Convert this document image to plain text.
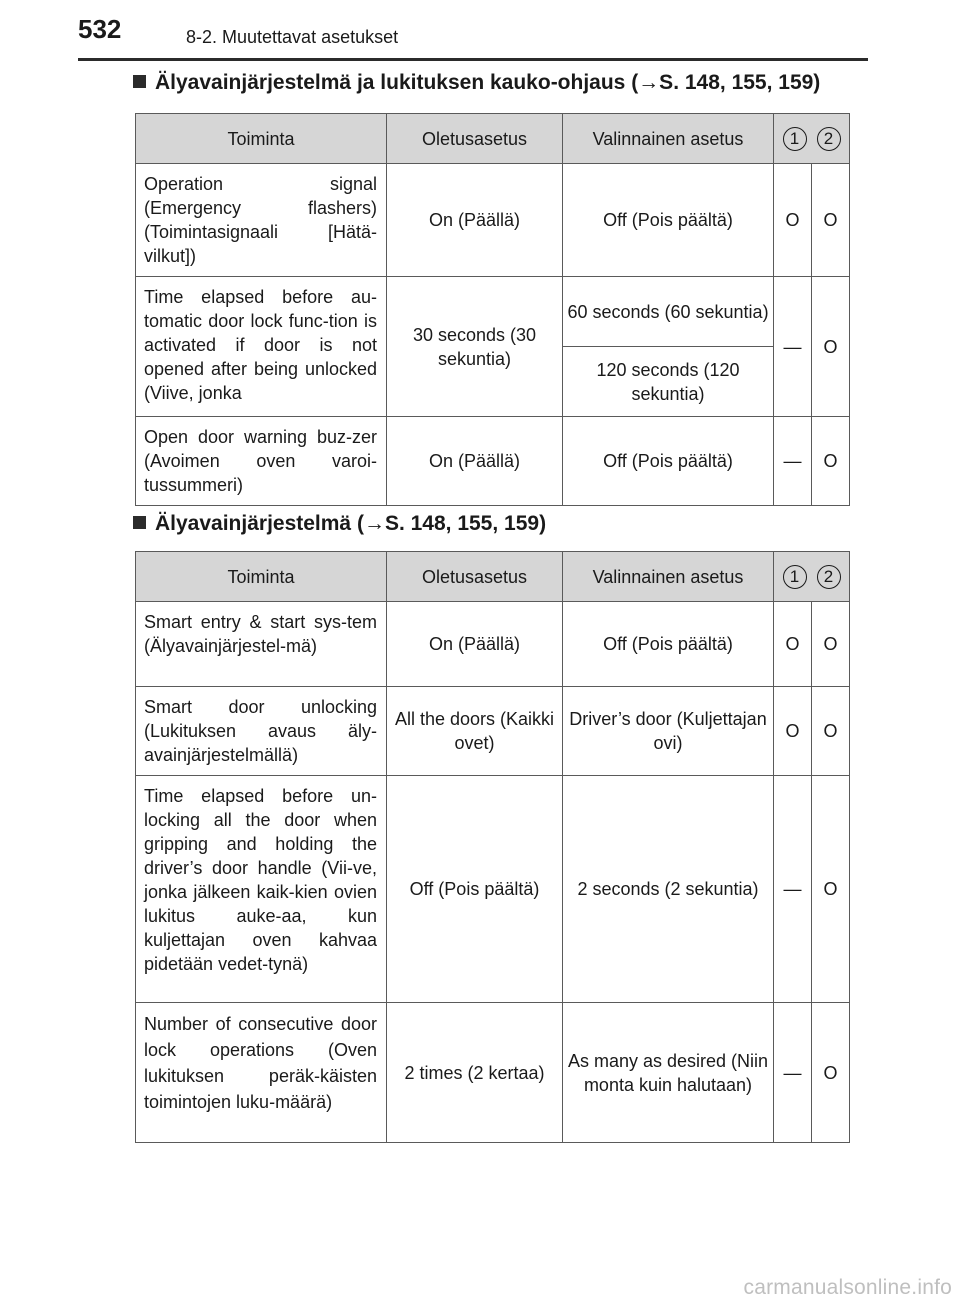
532	8-2. Muutettavat asetukset
Älyavainjärjestelmä ja lukituksen kauko-ohjaus (→S. 148, 155, 159)
Toiminta	Oletusasetus	Valinnainen asetus	1 2	

Operation signal (Emergency flashers) (Toimintasignaali [Hätä-vilkut])	On (Päällä)	Off (Pois päältä)	O	O
Time elapsed before au-tomatic door lock func-tion is activated if door is not opened after being unlocked (Viive, jonka	30 seconds (30 sekuntia)	60 seconds (60 sekuntia)	—	O
		120 seconds (120 sekuntia)		
Open door warning buz-zer (Avoimen oven varoi-tussummeri)	On (Päällä)	Off (Pois päältä)	—	O
Älyavainjärjestelmä (→S. 148, 155, 159)
Toiminta	Oletusasetus	Valinnainen asetus	1 2	

Smart entry & start sys-tem (Älyavainjärjestel-mä)	On (Päällä)	Off (Pois päältä)	O	O
Smart door unlocking (Lukituksen avaus äly-avainjärjestelmällä)	All the doors (Kaikki ovet)	Driver’s door (Kuljettajan ovi)	O	O
Time elapsed before un-locking all the door when gripping and holding the driver’s door handle (Vii-ve, jonka jälkeen kaik-kien ovien lukitus auke-aa, kun kuljettajan oven kahvaa pidetään vedet-tynä)	Off (Pois päältä)	2 seconds (2 sekuntia)	—	O
Number of consecutive door lock operations (Oven lukituksen peräk-käisten toimintojen luku-määrä)	2 times (2 kertaa)	As many as desired (Niin monta kuin halutaan)	—	O
carmanualsonline.info
